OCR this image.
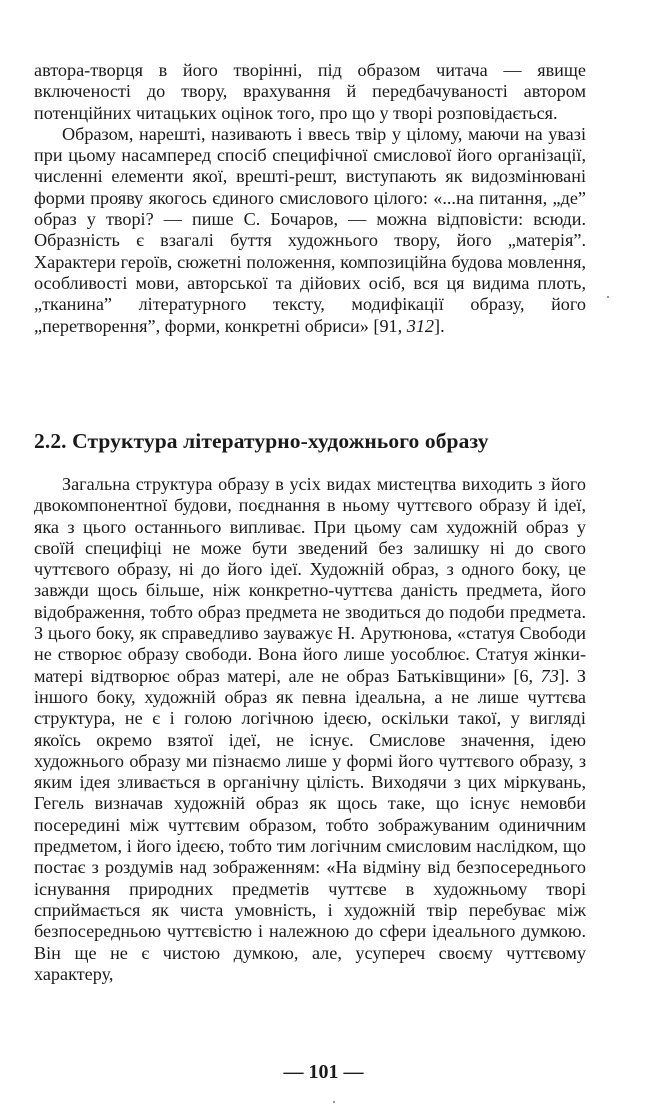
автора-творця в його творінні, під образом читача — явище включеності до твору, врахування й передбачуваності автором потенційних читацьких оцінок того, про що у творі розповідається.

Образом, нарешті, називають і ввесь твір у цілому, маючи на увазі при цьому насамперед спосіб специфічної смислової його організації, численні елементи якої, врешті-решт, виступають як видозмінювані форми прояву якогось єдиного смислового цілого: «...на питання, „де” образ у творі? — пише С. Бочаров, — можна відповісти: всюди. Образність є взагалі буття художнього твору, його „матерія”. Характери героїв, сюжетні положення, композиційна будова мовлення, особливості мови, авторської та дійових осіб, вся ця видима плоть, „тканина” літературного тексту, модифікації образу, його „перетворення”, форми, конкретні обриси» [91, 312].

2.2. Структура літературно-художнього образу

Загальна структура образу в усіх видах мистецтва виходить з його двокомпонентної будови, поєднання в ньому чуттєвого образу й ідеї, яка з цього останнього випливає. При цьому сам художній образ у своїй специфіці не може бути зведений без залишку ні до свого чуттєвого образу, ні до його ідеї. Художній образ, з одного боку, це завжди щось більше, ніж конкретно-чуттєва даність предмета, його відображення, тобто образ предмета не зводиться до подоби предмета. З цього боку, як справедливо зауважує Н. Арутюнова, «статуя Свободи не створює образу свободи. Вона його лише уособлює. Статуя жінки-матері відтворює образ матері, але не образ Батьківщини» [6, 73]. З іншого боку, художній образ як певна ідеальна, а не лише чуттєва структура, не є і голою логічною ідеєю, оскільки такої, у вигляді якоїсь окремо взятої ідеї, не існує. Смислове значення, ідею художнього образу ми пізнаємо лише у формі його чуттєвого образу, з яким ідея зливається в органічну цілість. Виходячи з цих міркувань, Гегель визначав художній образ як щось таке, що існує немовби посередині між чуттєвим образом, тобто зображуваним одиничним предметом, і його ідеєю, тобто тим логічним смисловим наслідком, що постає з роздумів над зображенням: «На відміну від безпосереднього існування природних предметів чуттєве в художньому творі сприймається як чиста умовність, і художній твір перебуває між безпосередньою чуттєвістю і належною до сфери ідеального думкою. Він ще не є чистою думкою, але, усупереч своєму чуттєвому характеру,

— 101 —
